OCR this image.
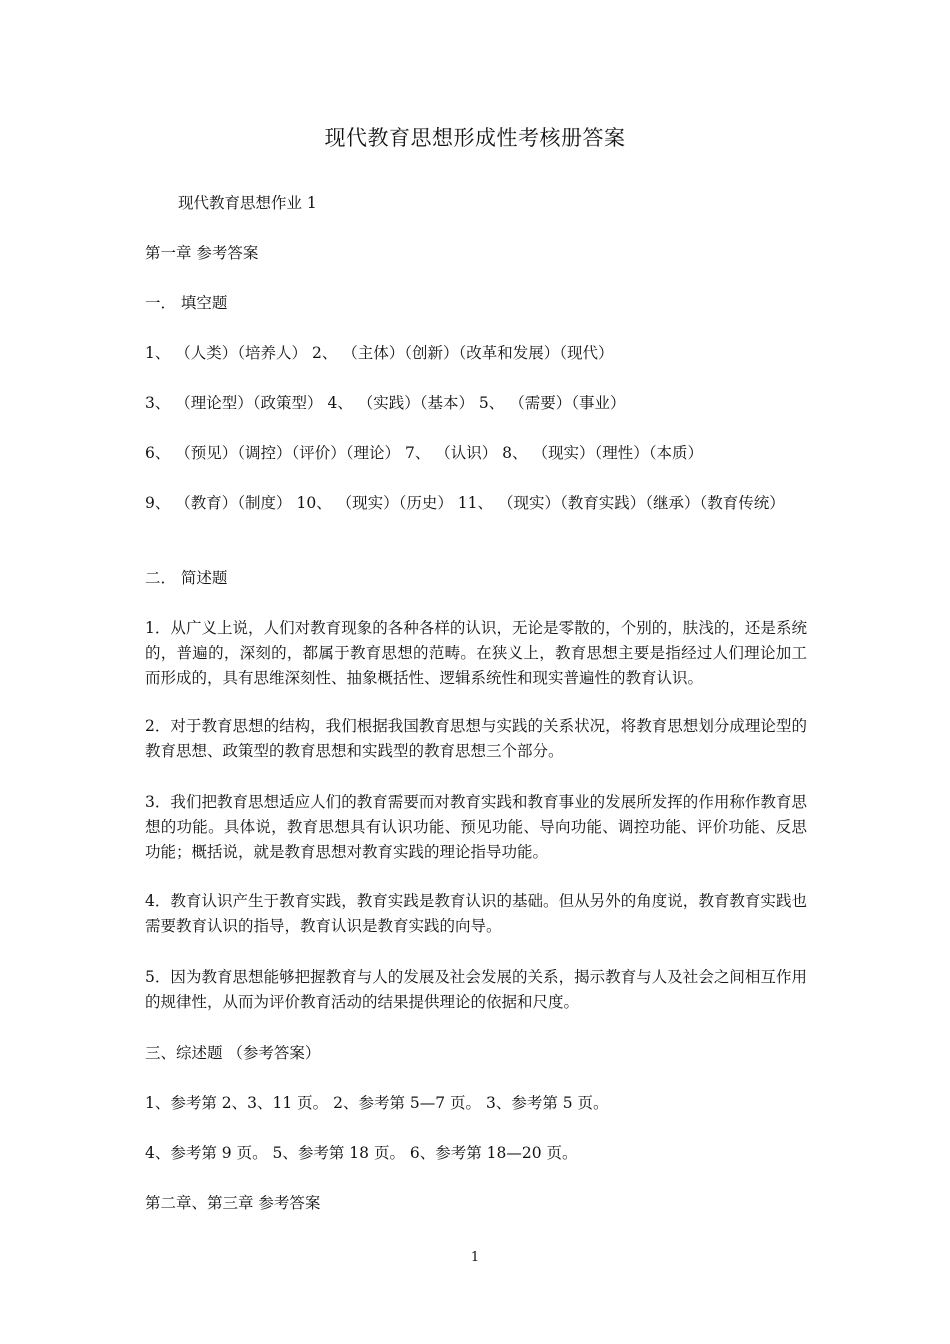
现代教育思想形成性考核册答案
现代教育思想作业 1
第一章 参考答案
一． 填空题
1、 （人类）（培养人） 2、 （主体）（创新）（改革和发展）（现代）
3、 （理论型）（政策型） 4、 （实践）（基本） 5、 （需要）（事业）
6、 （预见）（调控）（评价）（理论） 7、 （认识） 8、 （现实）（理性）（本质）
9、 （教育）（制度） 10、 （现实）（历史） 11、 （现实）（教育实践）（继承）（教育传统）
二． 简述题
1．从广义上说，人们对教育现象的各种各样的认识，无论是零散的，个别的，肤浅的，还是系统的，普遍的，深刻的，都属于教育思想的范畴。在狭义上，教育思想主要是指经过人们理论加工而形成的，具有思维深刻性、抽象概括性、逻辑系统性和现实普遍性的教育认识。
2．对于教育思想的结构，我们根据我国教育思想与实践的关系状况，将教育思想划分成理论型的教育思想、政策型的教育思想和实践型的教育思想三个部分。
3．我们把教育思想适应人们的教育需要而对教育实践和教育事业的发展所发挥的作用称作教育思想的功能。具体说，教育思想具有认识功能、预见功能、导向功能、调控功能、评价功能、反思功能；概括说，就是教育思想对教育实践的理论指导功能。
4．教育认识产生于教育实践，教育实践是教育认识的基础。但从另外的角度说，教育教育实践也需要教育认识的指导，教育认识是教育实践的向导。
5．因为教育思想能够把握教育与人的发展及社会发展的关系，揭示教育与人及社会之间相互作用的规律性，从而为评价教育活动的结果提供理论的依据和尺度。
三、综述题 （参考答案）
1、参考第 2、3、11 页。 2、参考第 5—7 页。 3、参考第 5 页。
4、参考第 9 页。 5、参考第 18 页。 6、参考第 18—20 页。
第二章、第三章 参考答案
1
